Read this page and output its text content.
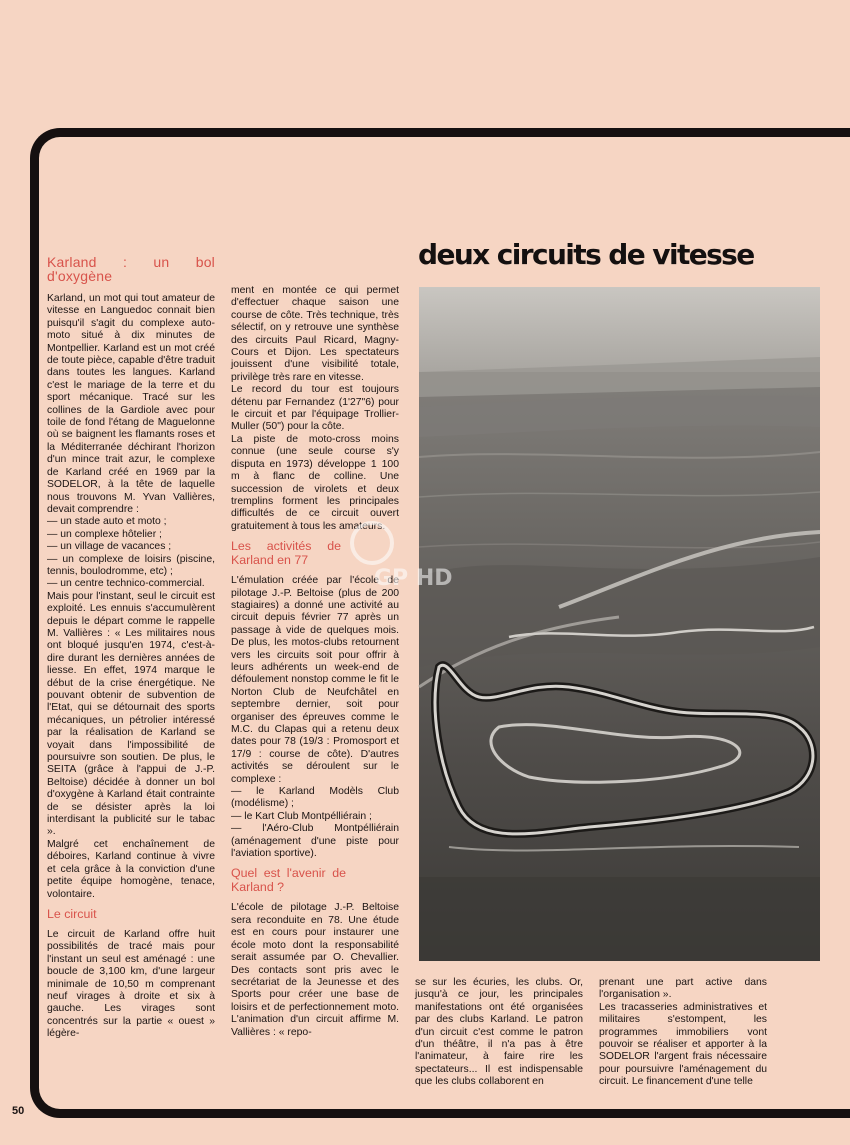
deux circuits de vitesse
Karland : un bol d'oxygène

Karland, un mot qui tout amateur de vitesse en Languedoc connait bien puisqu'il s'agit du complexe auto-moto situé à dix minutes de Montpellier. Karland est un mot créé de toute pièce, capable d'être traduit dans toutes les langues. Karland c'est le mariage de la terre et du sport mécanique. Tracé sur les collines de la Gardiole avec pour toile de fond l'étang de Maguelonne où se baignent les flamants roses et la Méditerranée déchirant l'horizon d'un mince trait azur, le complexe de Karland créé en 1969 par la SODELOR, à la tête de laquelle nous trouvons M. Yvan Vallières, devait comprendre :

— un stade auto et moto ;
— un complexe hôtelier ;
— un village de vacances ;
— un complexe de loisirs (piscine, tennis, boulodromme, etc) ;
— un centre technico-commercial.

Mais pour l'instant, seul le circuit est exploité. Les ennuis s'accumulèrent depuis le départ comme le rappelle M. Vallières : « Les militaires nous ont bloqué jusqu'en 1974, c'est-à-dire durant les dernières années de liesse. En effet, 1974 marque le début de la crise énergétique. Ne pouvant obtenir de subvention de l'Etat, qui se détournait des sports mécaniques, un pétrolier intéressé par la réalisation de Karland se voyait dans l'impossibilité de poursuivre son soutien. De plus, le SEITA (grâce à l'appui de J.-P. Beltoise) décidée à donner un bol d'oxygène à Karland était contrainte de se désister après la loi interdisant la publicité sur le tabac ».

Malgré cet enchaînement de déboires, Karland continue à vivre et cela grâce à la conviction d'une petite équipe homogène, tenace, volontaire.

Le circuit

Le circuit de Karland offre huit possibilités de tracé mais pour l'instant un seul est aménagé : une boucle de 3,100 km, d'une largeur minimale de 10,50 m comprenant neuf virages à droite et six à gauche. Les virages sont concentrés sur la partie « ouest » légère-

ment en montée ce qui permet d'effectuer chaque saison une course de côte. Très technique, très sélectif, on y retrouve une synthèse des circuits Paul Ricard, Magny-Cours et Dijon. Les spectateurs jouissent d'une visibilité totale, privilège très rare en vitesse.

Le record du tour est toujours détenu par Fernandez (1'27"6) pour le circuit et par l'équipage Trollier-Muller (50") pour la côte.

La piste de moto-cross moins connue (une seule course s'y disputa en 1973) développe 1 100 m à flanc de colline. Une succession de virolets et deux tremplins forment les principales difficultés de ce circuit ouvert gratuitement à tous les amateurs.

Les activités de Karland en 77

L'émulation créée par l'école de pilotage J.-P. Beltoise (plus de 200 stagiaires) a donné une activité au circuit depuis février 77 après un passage à vide de quelques mois. De plus, les motos-clubs retournent vers les circuits soit pour offrir à leurs adhérents un week-end de défoulement nonstop comme le fit le Norton Club de Neufchâtel en septembre dernier, soit pour organiser des épreuves comme le M.C. du Clapas qui a retenu deux dates pour 78 (19/3 : Promosport et 17/9 : course de côte). D'autres activités se déroulent sur le complexe :

— le Karland Modèls Club (modélisme) ;
— le Kart Club Montpélliérain ;
— l'Aéro-Club Montpélliérain (aménagement d'une piste pour l'aviation sportive).
Quel est l'avenir de Karland ?

L'école de pilotage J.-P. Beltoise sera reconduite en 78. Une étude est en cours pour instaurer une école moto dont la responsabilité serait assumée par O. Chevallier. Des contacts sont pris avec le secrétariat de la Jeunesse et des Sports pour créer une base de loisirs et de perfectionnement moto. L'animation d'un circuit affirme M. Vallières : « repo-

se sur les écuries, les clubs. Or, jusqu'à ce jour, les principales manifestations ont été organisées par des clubs Karland. Le patron d'un circuit c'est comme le patron d'un théâtre, il n'a pas à être l'animateur, à faire rire les spectateurs... Il est indispensable que les clubs collaborent en

prenant une part active dans l'organisation ».

Les tracasseries administratives et militaires s'estompent, les programmes immobiliers vont pouvoir se réaliser et apporter à la SODELOR l'argent frais nécessaire pour poursuivre l'aménagement du circuit. Le financement d'une telle

GP HD
50
